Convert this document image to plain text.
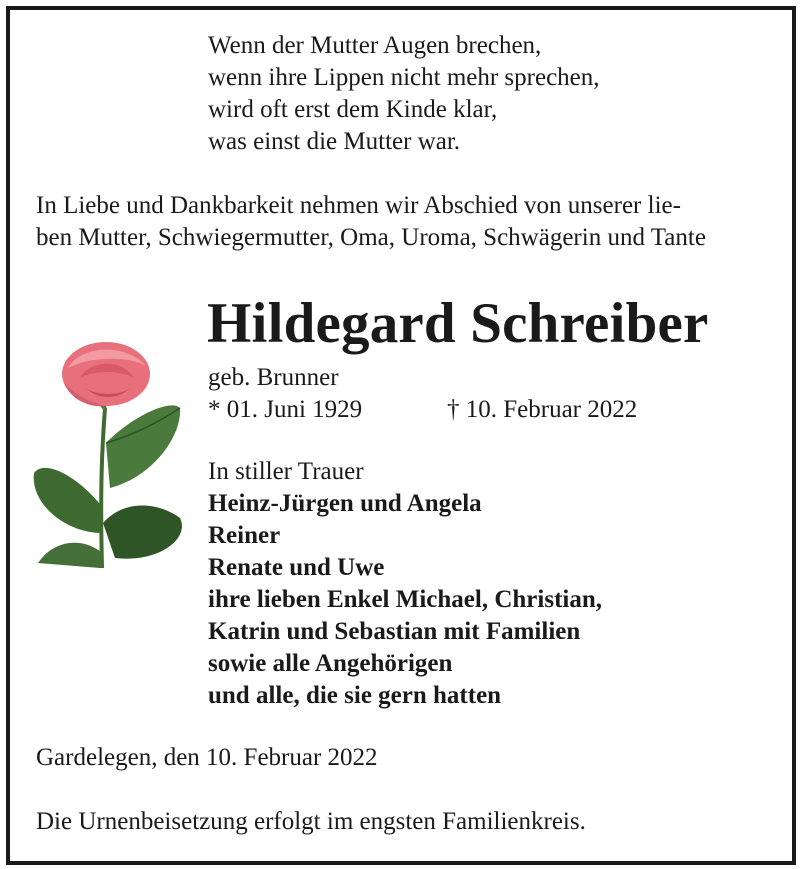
Wenn der Mutter Augen brechen,
wenn ihre Lippen nicht mehr sprechen,
wird oft erst dem Kinde klar,
was einst die Mutter war.
In Liebe und Dankbarkeit nehmen wir Abschied von unserer lie-
ben Mutter, Schwiegermutter, Oma, Uroma, Schwägerin und Tante
Hildegard Schreiber
geb. Brunner
* 01. Juni 1929	† 10. Februar 2022
In stiller Trauer
Heinz-Jürgen und Angela
Reiner
Renate und Uwe
ihre lieben Enkel Michael, Christian,
Katrin und Sebastian mit Familien
sowie alle Angehörigen
und alle, die sie gern hatten
Gardelegen, den 10. Februar 2022
Die Urnenbeisetzung erfolgt im engsten Familienkreis.
